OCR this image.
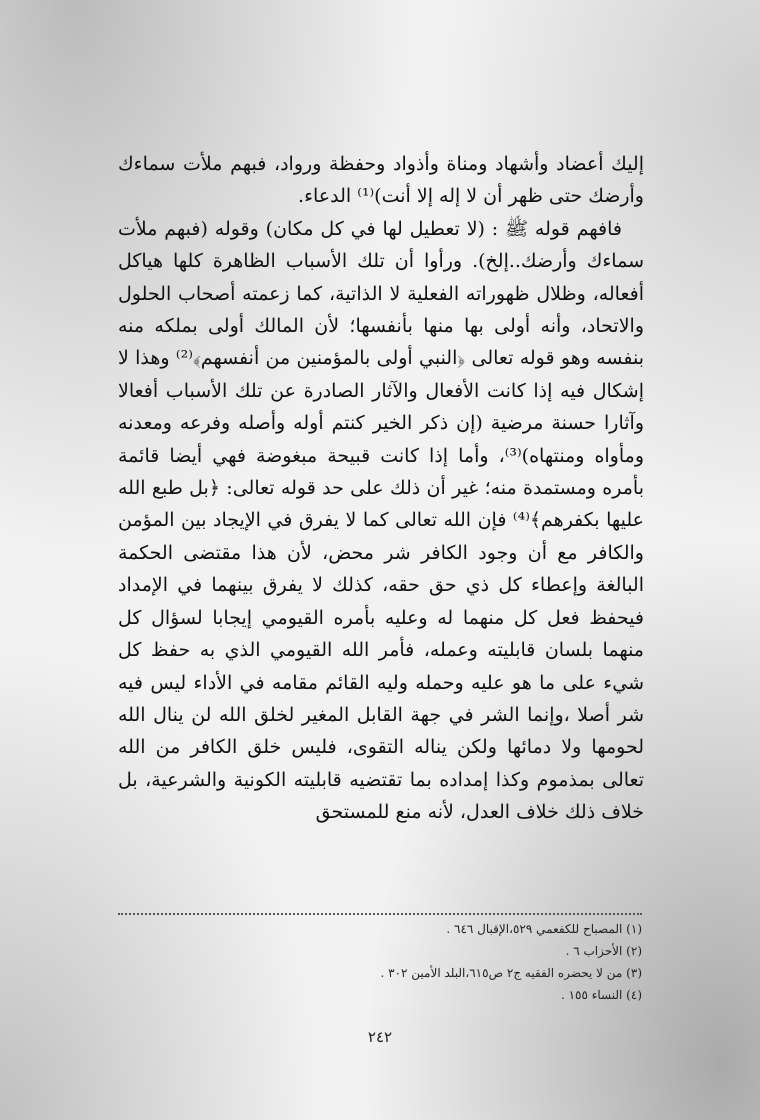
إليك أعضاد وأشهاد ومناة وأذواد وحفظة ورواد، فبهم ملأت سماءك وأرضك حتى ظهر أن لا إله إلا أنت)⁽¹⁾ الدعاء.

فافهم قوله ﷺ : (لا تعطيل لها في كل مكان) وقوله (فبهم ملأت سماءك وأرضك..إلخ). ورأوا أن تلك الأسباب الظاهرة كلها هياكل أفعاله، وظلال ظهوراته الفعلية لا الذاتية، كما زعمته أصحاب الحلول والاتحاد، وأنه أولى بها منها بأنفسها؛ لأن المالك أولى بملكه منه بنفسه وهو قوله تعالى ﴿النبي أولى بالمؤمنين من أنفسهم﴾⁽²⁾ وهذا لا إشكال فيه إذا كانت الأفعال والآثار الصادرة عن تلك الأسباب أفعالا وآثارا حسنة مرضية (إن ذكر الخير كنتم أوله وأصله وفرعه ومعدنه ومأواه ومنتهاه)⁽³⁾، وأما إذا كانت قبيحة مبغوضة فهي أيضا قائمة بأمره ومستمدة منه؛ غير أن ذلك على حد قوله تعالى: ﴿بل طبع الله عليها بكفرهم﴾⁽⁴⁾ فإن الله تعالى كما لا يفرق في الإيجاد بين المؤمن والكافر مع أن وجود الكافر شر محض، لأن هذا مقتضى الحكمة البالغة وإعطاء كل ذي حق حقه، كذلك لا يفرق بينهما في الإمداد فيحفظ فعل كل منهما له وعليه بأمره القيومي إيجابا لسؤال كل منهما بلسان قابليته وعمله، فأمر الله القيومي الذي به حفظ كل شيء على ما هو عليه وحمله وليه القائم مقامه في الأداء ليس فيه شر أصلا ،وإنما الشر في جهة القابل المغير لخلق الله لن ينال الله لحومها ولا دمائها ولكن يناله التقوى، فليس خلق الكافر من الله تعالى بمذموم وكذا إمداده بما تقتضيه قابليته الكونية والشرعية، بل خلاف ذلك خلاف العدل، لأنه منع للمستحق

(١) المصباح للكفعمي ٥٢٩،الإقبال ٦٤٦ .
(٢) الأحزاب ٦ .
(٣) من لا يحضره الفقيه ج٢ ص٦١٥،البلد الأمين ٣٠٢ .
(٤) النساء ١٥٥ .
٢٤٢
